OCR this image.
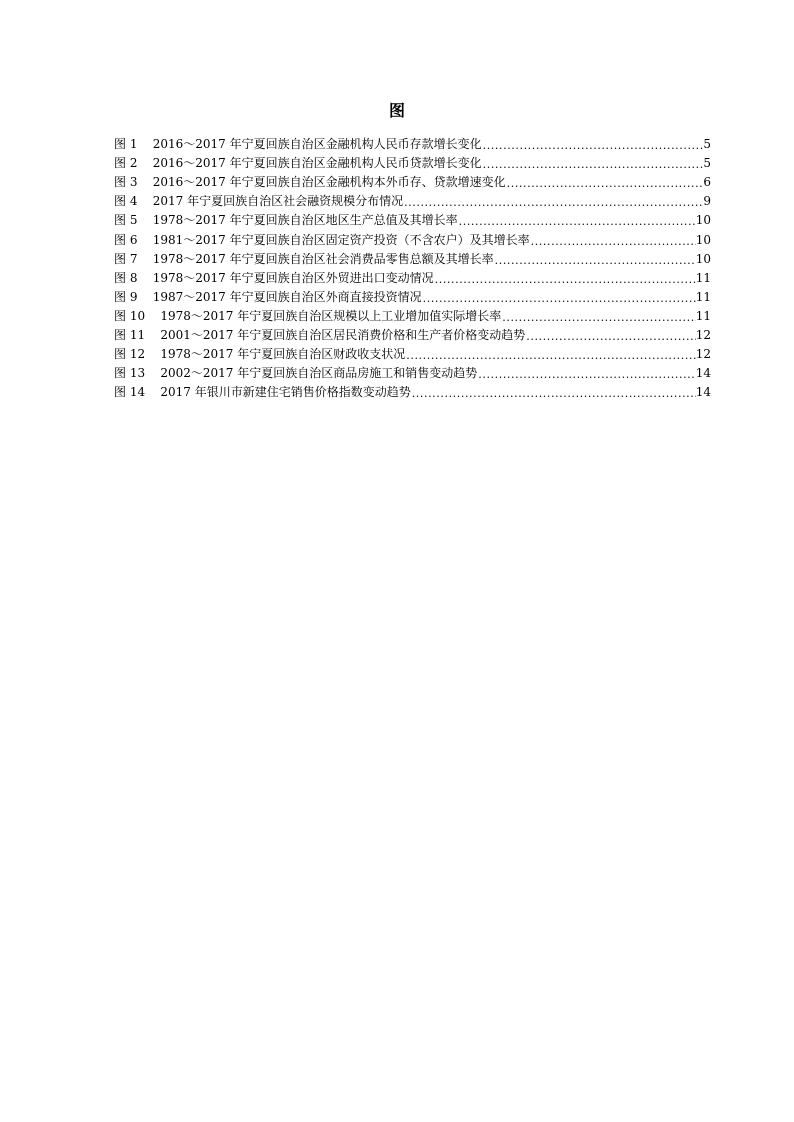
图
图 1 2016～2017 年宁夏回族自治区金融机构人民币存款增长变化 .....	5
图 2 2016～2017 年宁夏回族自治区金融机构人民币贷款增长变化 .....	5
图 3 2016～2017 年宁夏回族自治区金融机构本外币存、贷款增速变化 .....	6
图 4 2017 年宁夏回族自治区社会融资规模分布情况 .....	9
图 5 1978～2017 年宁夏回族自治区地区生产总值及其增长率 .....	10
图 6 1981～2017 年宁夏回族自治区固定资产投资（不含农户）及其增长率 .....	10
图 7 1978～2017 年宁夏回族自治区社会消费品零售总额及其增长率 .....	10
图 8 1978～2017 年宁夏回族自治区外贸进出口变动情况 .....	11
图 9 1987～2017 年宁夏回族自治区外商直接投资情况 .....	11
图 10 1978～2017 年宁夏回族自治区规模以上工业增加值实际增长率 .....	11
图 11 2001～2017 年宁夏回族自治区居民消费价格和生产者价格变动趋势 .....	12
图 12 1978～2017 年宁夏回族自治区财政收支状况 .....	12
图 13 2002～2017 年宁夏回族自治区商品房施工和销售变动趋势 .....	14
图 14 2017 年银川市新建住宅销售价格指数变动趋势 .....	14
